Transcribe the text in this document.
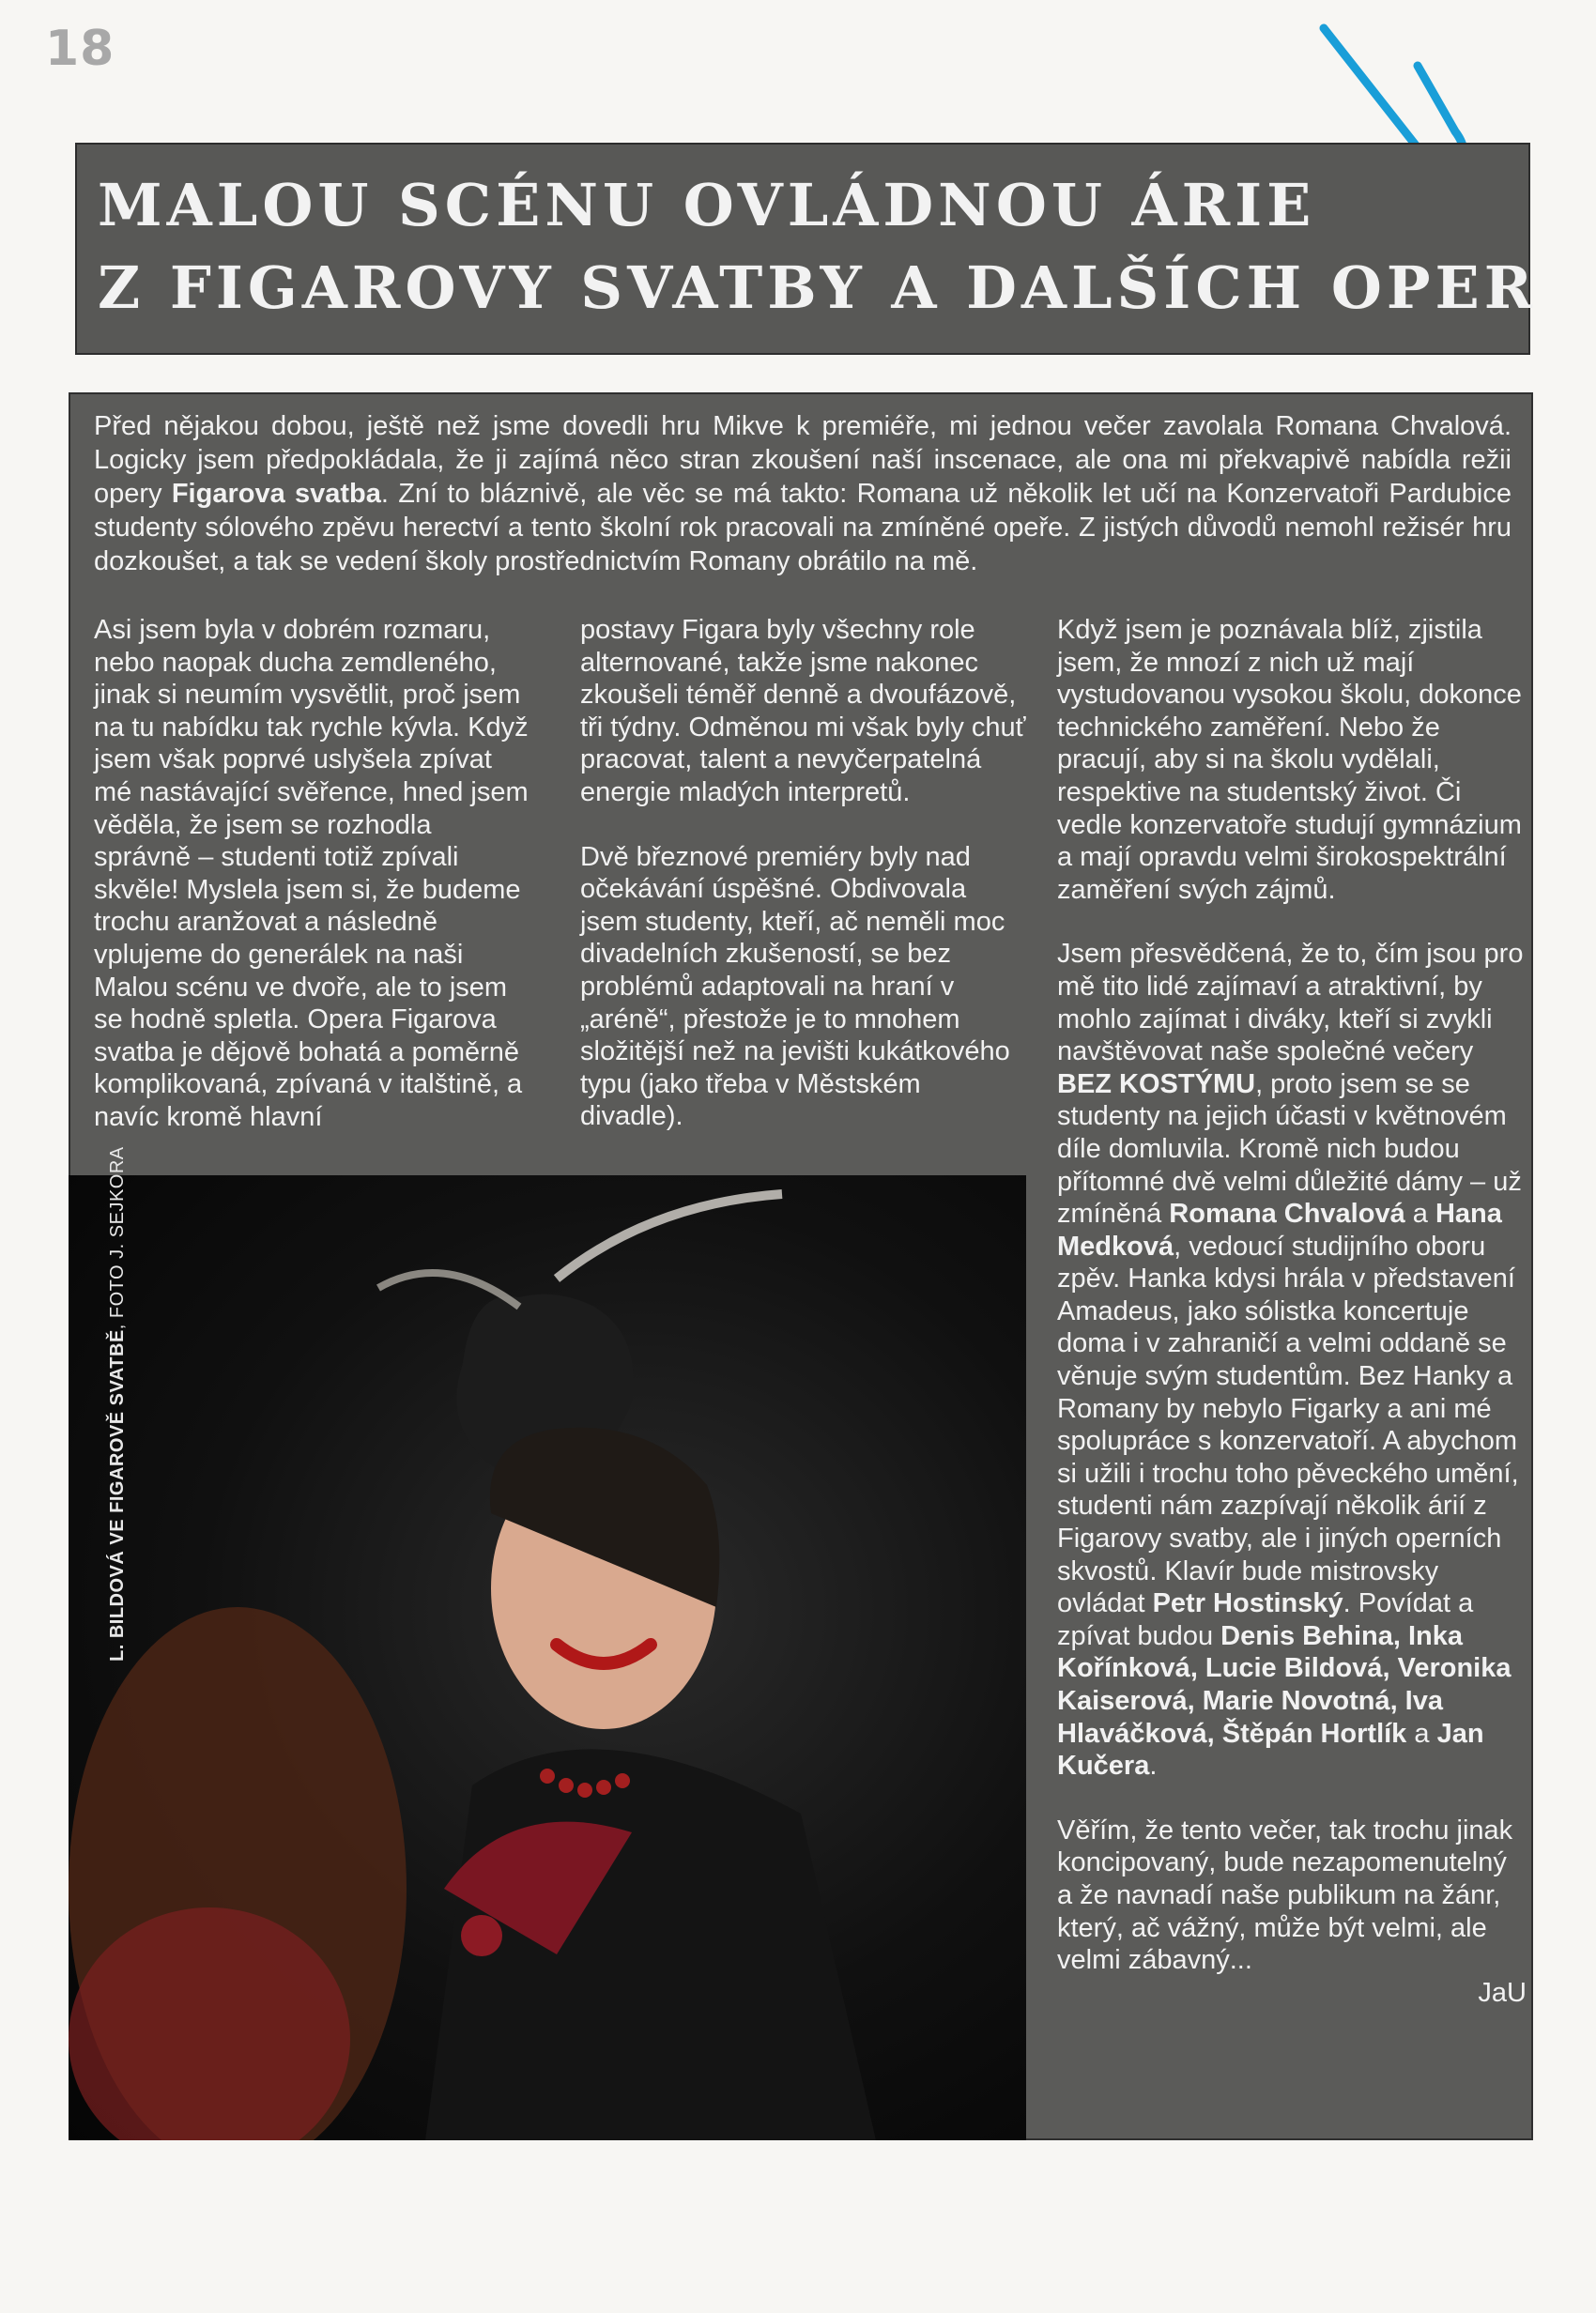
18
MALOU SCÉNU OVLÁDNOU ÁRIE
Z FIGAROVY SVATBY A DALŠÍCH OPER
Před nějakou dobou, ještě než jsme dovedli hru Mikve k premiéře, mi jednou večer zavolala Romana Chvalová. Logicky jsem předpokládala, že ji zajímá něco stran zkoušení naší inscenace, ale ona mi překvapivě nabídla režii opery Figarova svatba. Zní to bláznivě, ale věc se má takto: Romana už několik let učí na Konzervatoři Pardubice studenty sólového zpěvu herectví a tento školní rok pracovali na zmíněné opeře. Z jistých důvodů nemohl režisér hru dozkoušet, a tak se vedení školy prostřednictvím Romany obrátilo na mě.

Asi jsem byla v dobrém rozmaru, nebo naopak ducha zemdleného, jinak si neumím vysvětlit, proč jsem na tu nabídku tak rychle kývla. Když jsem však poprvé uslyšela zpívat mé nastávající svěřence, hned jsem věděla, že jsem se rozhodla správně – studenti totiž zpívali skvěle! Myslela jsem si, že budeme trochu aranžovat a následně vplujeme do generálek na naši Malou scénu ve dvoře, ale to jsem se hodně spletla. Opera Figarova svatba je dějově bohatá a poměrně komplikovaná, zpívaná v italštině, a navíc kromě hlavní

postavy Figara byly všechny role alternované, takže jsme nakonec zkoušeli téměř denně a dvoufázově, tři týdny. Odměnou mi však byly chuť pracovat, talent a nevyčerpatelná energie mladých interpretů.

Dvě březnové premiéry byly nad očekávání úspěšné. Obdivovala jsem studenty, kteří, ač neměli moc divadelních zkušeností, se bez problémů adaptovali na hraní v „aréně“, přestože je to mnohem složitější než na jevišti kukátkového typu (jako třeba v Městském divadle).

Když jsem je poznávala blíž, zjistila jsem, že mnozí z nich už mají vystudovanou vysokou školu, dokonce technického zaměření. Nebo že pracují, aby si na školu vydělali, respektive na studentský život. Či vedle konzervatoře studují gymnázium a mají opravdu velmi širokospektrální zaměření svých zájmů.

Jsem přesvědčená, že to, čím jsou pro mě tito lidé zajímaví a atraktivní, by mohlo zajímat i diváky, kteří si zvykli navštěvovat naše společné večery BEZ KOSTÝMU, proto jsem se se studenty na jejich účasti v květnovém díle domluvila. Kromě nich budou přítomné dvě velmi důležité dámy – už zmíněná Romana Chvalová a Hana Medková, vedoucí studijního oboru zpěv. Hanka kdysi hrála v představení Amadeus, jako sólistka koncertuje doma i v zahraničí a velmi oddaně se věnuje svým studentům. Bez Hanky a Romany by nebylo Figarky a ani mé spolupráce s konzervatoří. A abychom si užili i trochu toho pěveckého umění, studenti nám zazpívají několik árií z Figarovy svatby, ale i jiných operních skvostů. Klavír bude mistrovsky ovládat Petr Hostinský. Povídat a zpívat budou Denis Behina, Inka Kořínková, Lucie Bildová, Veronika Kaiserová, Marie Novotná, Iva Hlaváčková, Štěpán Hortlík a Jan Kučera.

Věřím, že tento večer, tak trochu jinak koncipovaný, bude nezapomenutelný a že navnadí naše publikum na žánr, který, ač vážný, může být velmi, ale velmi zábavný...
JaU

L. BILDOVÁ VE FIGAROVĚ SVATBĚ, FOTO J. SEJKORA
